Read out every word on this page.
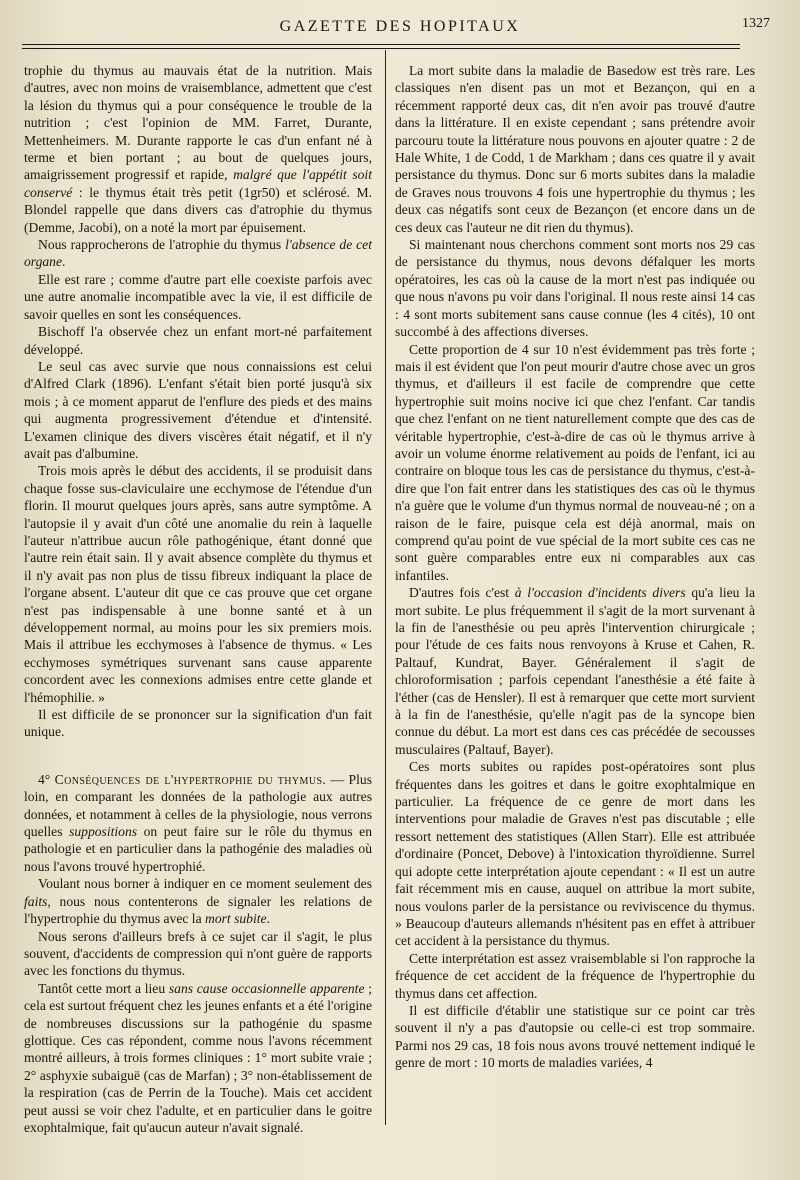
GAZETTE DES HOPITAUX	1327

trophie du thymus au mauvais état de la nutrition. Mais d'autres, avec non moins de vraisemblance, admettent que c'est la lésion du thymus qui a pour conséquence le trouble de la nutrition ; c'est l'opinion de MM. Farret, Durante, Mettenheimers. M. Durante rapporte le cas d'un enfant né à terme et bien portant ; au bout de quelques jours, amaigrissement progressif et rapide, malgré que l'appétit soit conservé : le thymus était très petit (1gr50) et sclérosé. M. Blondel rappelle que dans divers cas d'atrophie du thymus (Demme, Jacobi), on a noté la mort par épuisement.

Nous rapprocherons de l'atrophie du thymus l'absence de cet organe.

Elle est rare ; comme d'autre part elle coexiste parfois avec une autre anomalie incompatible avec la vie, il est difficile de savoir quelles en sont les conséquences.

Bischoff l'a observée chez un enfant mort-né parfaitement développé.

Le seul cas avec survie que nous connaissions est celui d'Alfred Clark (1896). L'enfant s'était bien porté jusqu'à six mois ; à ce moment apparut de l'enflure des pieds et des mains qui augmenta progressivement d'étendue et d'intensité. L'examen clinique des divers viscères était négatif, et il n'y avait pas d'albumine.

Trois mois après le début des accidents, il se produisit dans chaque fosse sus-claviculaire une ecchymose de l'étendue d'un florin. Il mourut quelques jours après, sans autre symptôme. A l'autopsie il y avait d'un côté une anomalie du rein à laquelle l'auteur n'attribue aucun rôle pathogénique, étant donné que l'autre rein était sain. Il y avait absence complète du thymus et il n'y avait pas non plus de tissu fibreux indiquant la place de l'organe absent. L'auteur dit que ce cas prouve que cet organe n'est pas indispensable à une bonne santé et à un développement normal, au moins pour les six premiers mois. Mais il attribue les ecchymoses à l'absence de thymus. « Les ecchymoses symétriques survenant sans cause apparente concordent avec les connexions admises entre cette glande et l'hémophilie. »

Il est difficile de se prononcer sur la signification d'un fait unique.

4° Conséquences de l'hypertrophie du thymus. — Plus loin, en comparant les données de la pathologie aux autres données, et notamment à celles de la physiologie, nous verrons quelles suppositions on peut faire sur le rôle du thymus en pathologie et en particulier dans la pathogénie des maladies où nous l'avons trouvé hypertrophié.

Voulant nous borner à indiquer en ce moment seulement des faits, nous nous contenterons de signaler les relations de l'hypertrophie du thymus avec la mort subite.

Nous serons d'ailleurs brefs à ce sujet car il s'agit, le plus souvent, d'accidents de compression qui n'ont guère de rapports avec les fonctions du thymus.

Tantôt cette mort a lieu sans cause occasionnelle apparente ; cela est surtout fréquent chez les jeunes enfants et a été l'origine de nombreuses discussions sur la pathogénie du spasme glottique. Ces cas répondent, comme nous l'avons récemment montré ailleurs, à trois formes cliniques : 1° mort subite vraie ; 2° asphyxie subaiguë (cas de Marfan) ; 3° non-établissement de la respiration (cas de Perrin de la Touche). Mais cet accident peut aussi se voir chez l'adulte, et en particulier dans le goitre exophtalmique, fait qu'aucun auteur n'avait signalé.

La mort subite dans la maladie de Basedow est très rare. Les classiques n'en disent pas un mot et Bezançon, qui en a récemment rapporté deux cas, dit n'en avoir pas trouvé d'autre dans la littérature. Il en existe cependant ; sans prétendre avoir parcouru toute la littérature nous pouvons en ajouter quatre : 2 de Hale White, 1 de Codd, 1 de Markham ; dans ces quatre il y avait persistance du thymus. Donc sur 6 morts subites dans la maladie de Graves nous trouvons 4 fois une hypertrophie du thymus ; les deux cas négatifs sont ceux de Bezançon (et encore dans un de ces deux cas l'auteur ne dit rien du thymus).

Si maintenant nous cherchons comment sont morts nos 29 cas de persistance du thymus, nous devons défalquer les morts opératoires, les cas où la cause de la mort n'est pas indiquée ou que nous n'avons pu voir dans l'original. Il nous reste ainsi 14 cas : 4 sont morts subitement sans cause connue (les 4 cités), 10 ont succombé à des affections diverses.

Cette proportion de 4 sur 10 n'est évidemment pas très forte ; mais il est évident que l'on peut mourir d'autre chose avec un gros thymus, et d'ailleurs il est facile de comprendre que cette hypertrophie suit moins nocive ici que chez l'enfant. Car tandis que chez l'enfant on ne tient naturellement compte que des cas de véritable hypertrophie, c'est-à-dire de cas où le thymus arrive à avoir un volume énorme relativement au poids de l'enfant, ici au contraire on bloque tous les cas de persistance du thymus, c'est-à-dire que l'on fait entrer dans les statistiques des cas où le thymus n'a guère que le volume d'un thymus normal de nouveau-né ; on a raison de le faire, puisque cela est déjà anormal, mais on comprend qu'au point de vue spécial de la mort subite ces cas ne sont guère comparables entre eux ni comparables aux cas infantiles.

D'autres fois c'est à l'occasion d'incidents divers qu'a lieu la mort subite. Le plus fréquemment il s'agit de la mort survenant à la fin de l'anesthésie ou peu après l'intervention chirurgicale ; pour l'étude de ces faits nous renvoyons à Kruse et Cahen, R. Paltauf, Kundrat, Bayer. Généralement il s'agit de chloroformisation ; parfois cependant l'anesthésie a été faite à l'éther (cas de Hensler). Il est à remarquer que cette mort survient à la fin de l'anesthésie, qu'elle n'agit pas de la syncope bien connue du début. La mort est dans ces cas précédée de secousses musculaires (Paltauf, Bayer).

Ces morts subites ou rapides post-opératoires sont plus fréquentes dans les goitres et dans le goitre exophtalmique en particulier. La fréquence de ce genre de mort dans les interventions pour maladie de Graves n'est pas discutable ; elle ressort nettement des statistiques (Allen Starr). Elle est attribuée d'ordinaire (Poncet, Debove) à l'intoxication thyroïdienne. Surrel qui adopte cette interprétation ajoute cependant : « Il est un autre fait récemment mis en cause, auquel on attribue la mort subite, nous voulons parler de la persistance ou reviviscence du thymus. » Beaucoup d'auteurs allemands n'hésitent pas en effet à attribuer cet accident à la persistance du thymus.

Cette interprétation est assez vraisemblable si l'on rapproche la fréquence de cet accident de la fréquence de l'hypertrophie du thymus dans cet affection.

Il est difficile d'établir une statistique sur ce point car très souvent il n'y a pas d'autopsie ou celle-ci est trop sommaire. Parmi nos 29 cas, 18 fois nous avons trouvé nettement indiqué le genre de mort : 10 morts de maladies variées, 4
